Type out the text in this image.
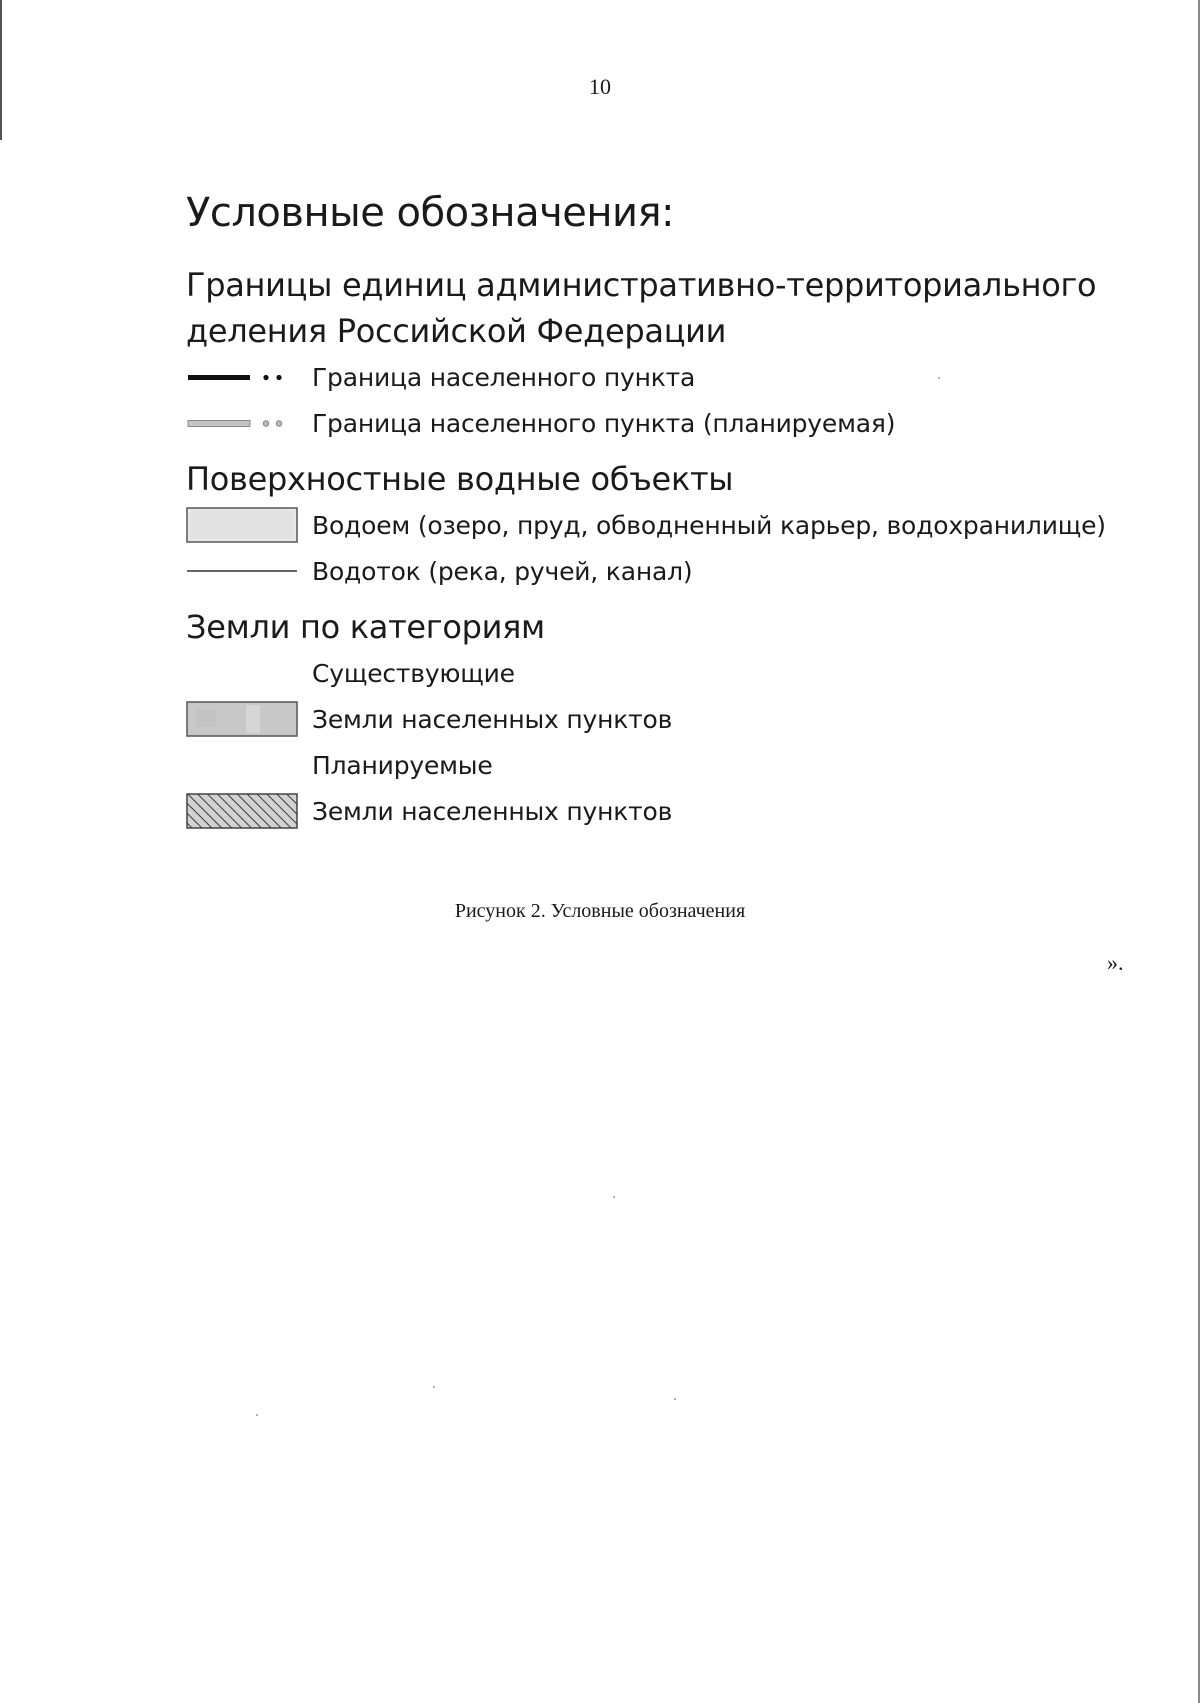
10
Условные обозначения:
Границы единиц административно-территориального
деления Российской Федерации
Граница населенного пункта
Граница населенного пункта (планируемая)
Поверхностные водные объекты
Водоем (озеро, пруд, обводненный карьер, водохранилище)
Водоток (река, ручей, канал)
Земли по категориям
Существующие
Земли населенных пунктов
Планируемые
Земли населенных пунктов
Рисунок 2. Условные обозначения
».
